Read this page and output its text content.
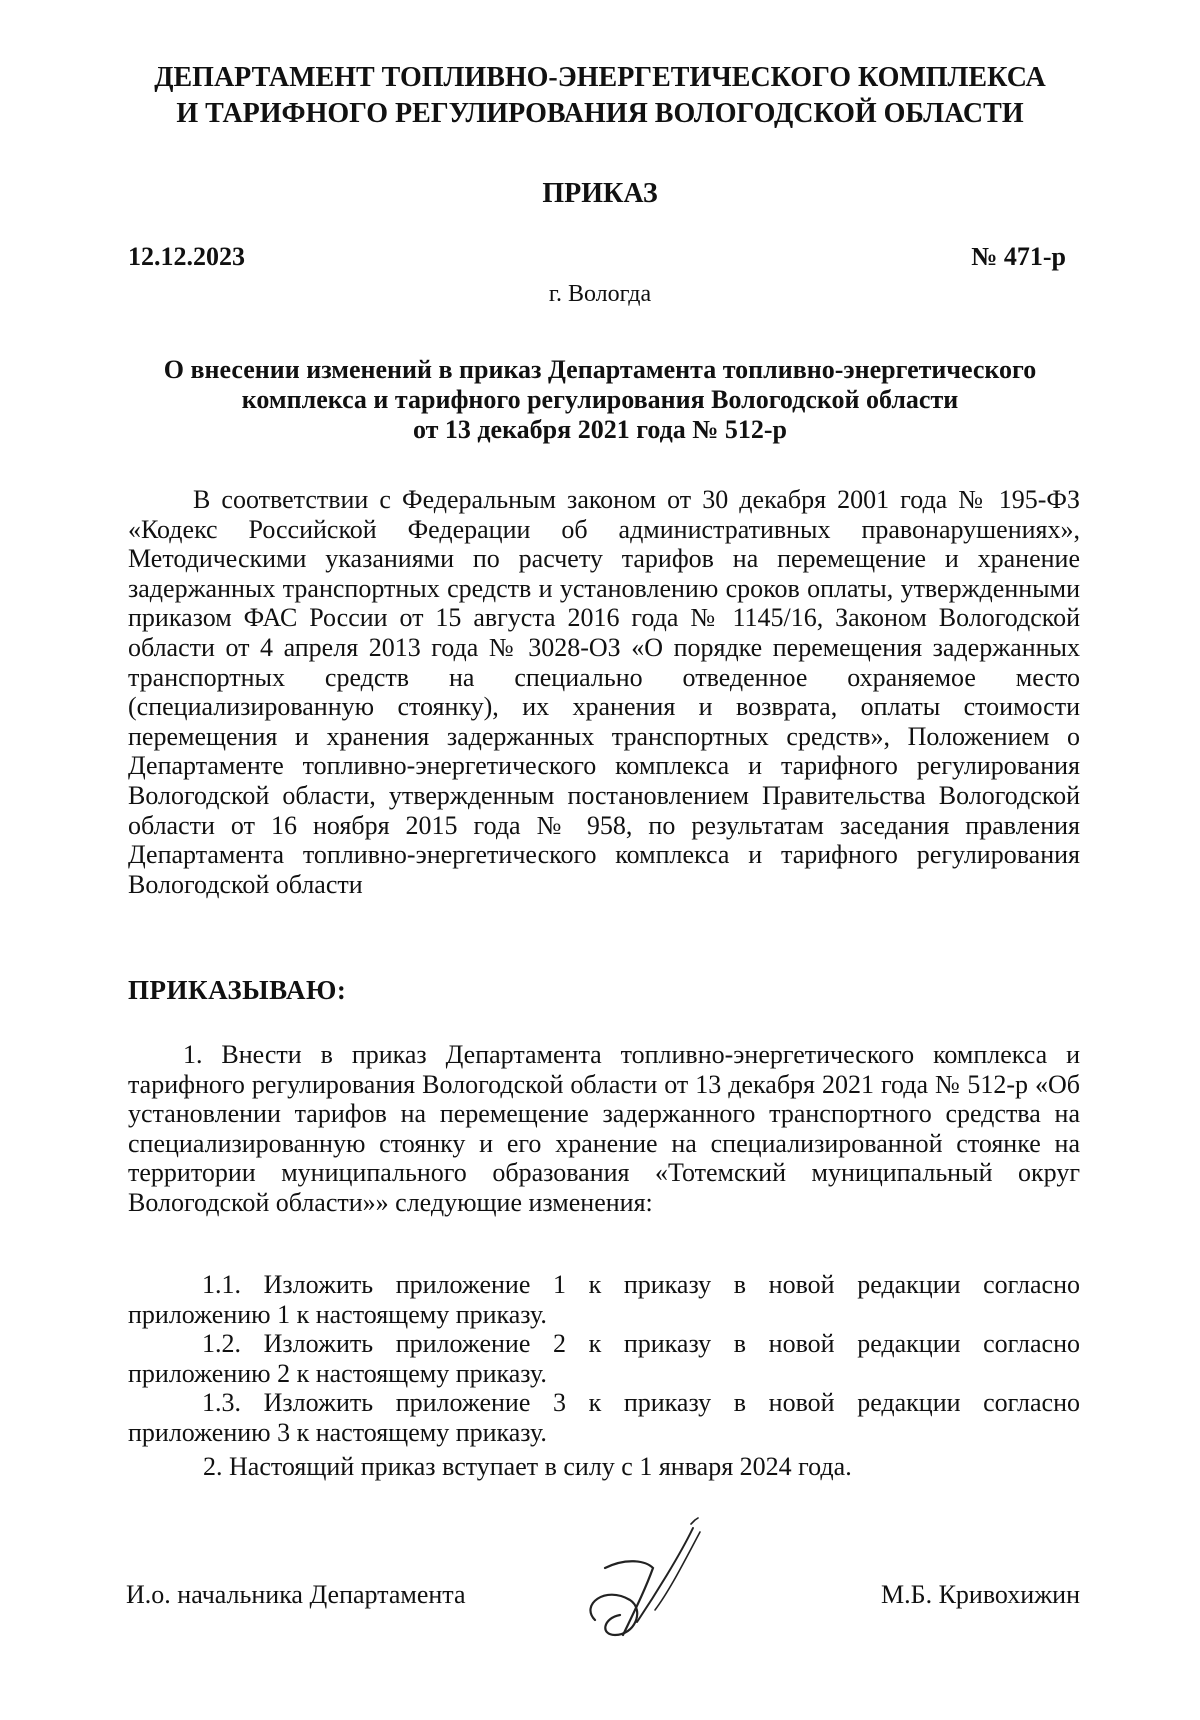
ДЕПАРТАМЕНТ ТОПЛИВНО-ЭНЕРГЕТИЧЕСКОГО КОМПЛЕКСА
И ТАРИФНОГО РЕГУЛИРОВАНИЯ ВОЛОГОДСКОЙ ОБЛАСТИ
ПРИКАЗ
12.12.2023	№ 471-р
г. Вологда
О внесении изменений в приказ Департамента топливно-энергетического
комплекса и тарифного регулирования Вологодской области
от 13 декабря 2021 года № 512-р
В соответствии с Федеральным законом от 30 декабря 2001 года № 195-ФЗ «Кодекс Российской Федерации об административных правонарушениях», Методическими указаниями по расчету тарифов на перемещение и хранение задержанных транспортных средств и установлению сроков оплаты, утвержденными приказом ФАС России от 15 августа 2016 года № 1145/16, Законом Вологодской области от 4 апреля 2013 года № 3028-ОЗ «О порядке перемещения задержанных транспортных средств на специально отведенное охраняемое место (специализированную стоянку), их хранения и возврата, оплаты стоимости перемещения и хранения задержанных транспортных средств», Положением о Департаменте топливно-энергетического комплекса и тарифного регулирования Вологодской области, утвержденным постановлением Правительства Вологодской области от 16 ноября 2015 года № 958, по результатам заседания правления Департамента топливно-энергетического комплекса и тарифного регулирования Вологодской области
ПРИКАЗЫВАЮ:
1. Внести в приказ Департамента топливно-энергетического комплекса и тарифного регулирования Вологодской области от 13 декабря 2021 года № 512-р «Об установлении тарифов на перемещение задержанного транспортного средства на специализированную стоянку и его хранение на специализированной стоянке на территории муниципального образования «Тотемский муниципальный округ Вологодской области»» следующие изменения:

1.1. Изложить приложение 1 к приказу в новой редакции согласно приложению 1 к настоящему приказу.

1.2. Изложить приложение 2 к приказу в новой редакции согласно приложению 2 к настоящему приказу.

1.3. Изложить приложение 3 к приказу в новой редакции согласно приложению 3 к настоящему приказу.

2. Настоящий приказ вступает в силу с 1 января 2024 года.
И.о. начальника Департамента	М.Б. Кривохижин
